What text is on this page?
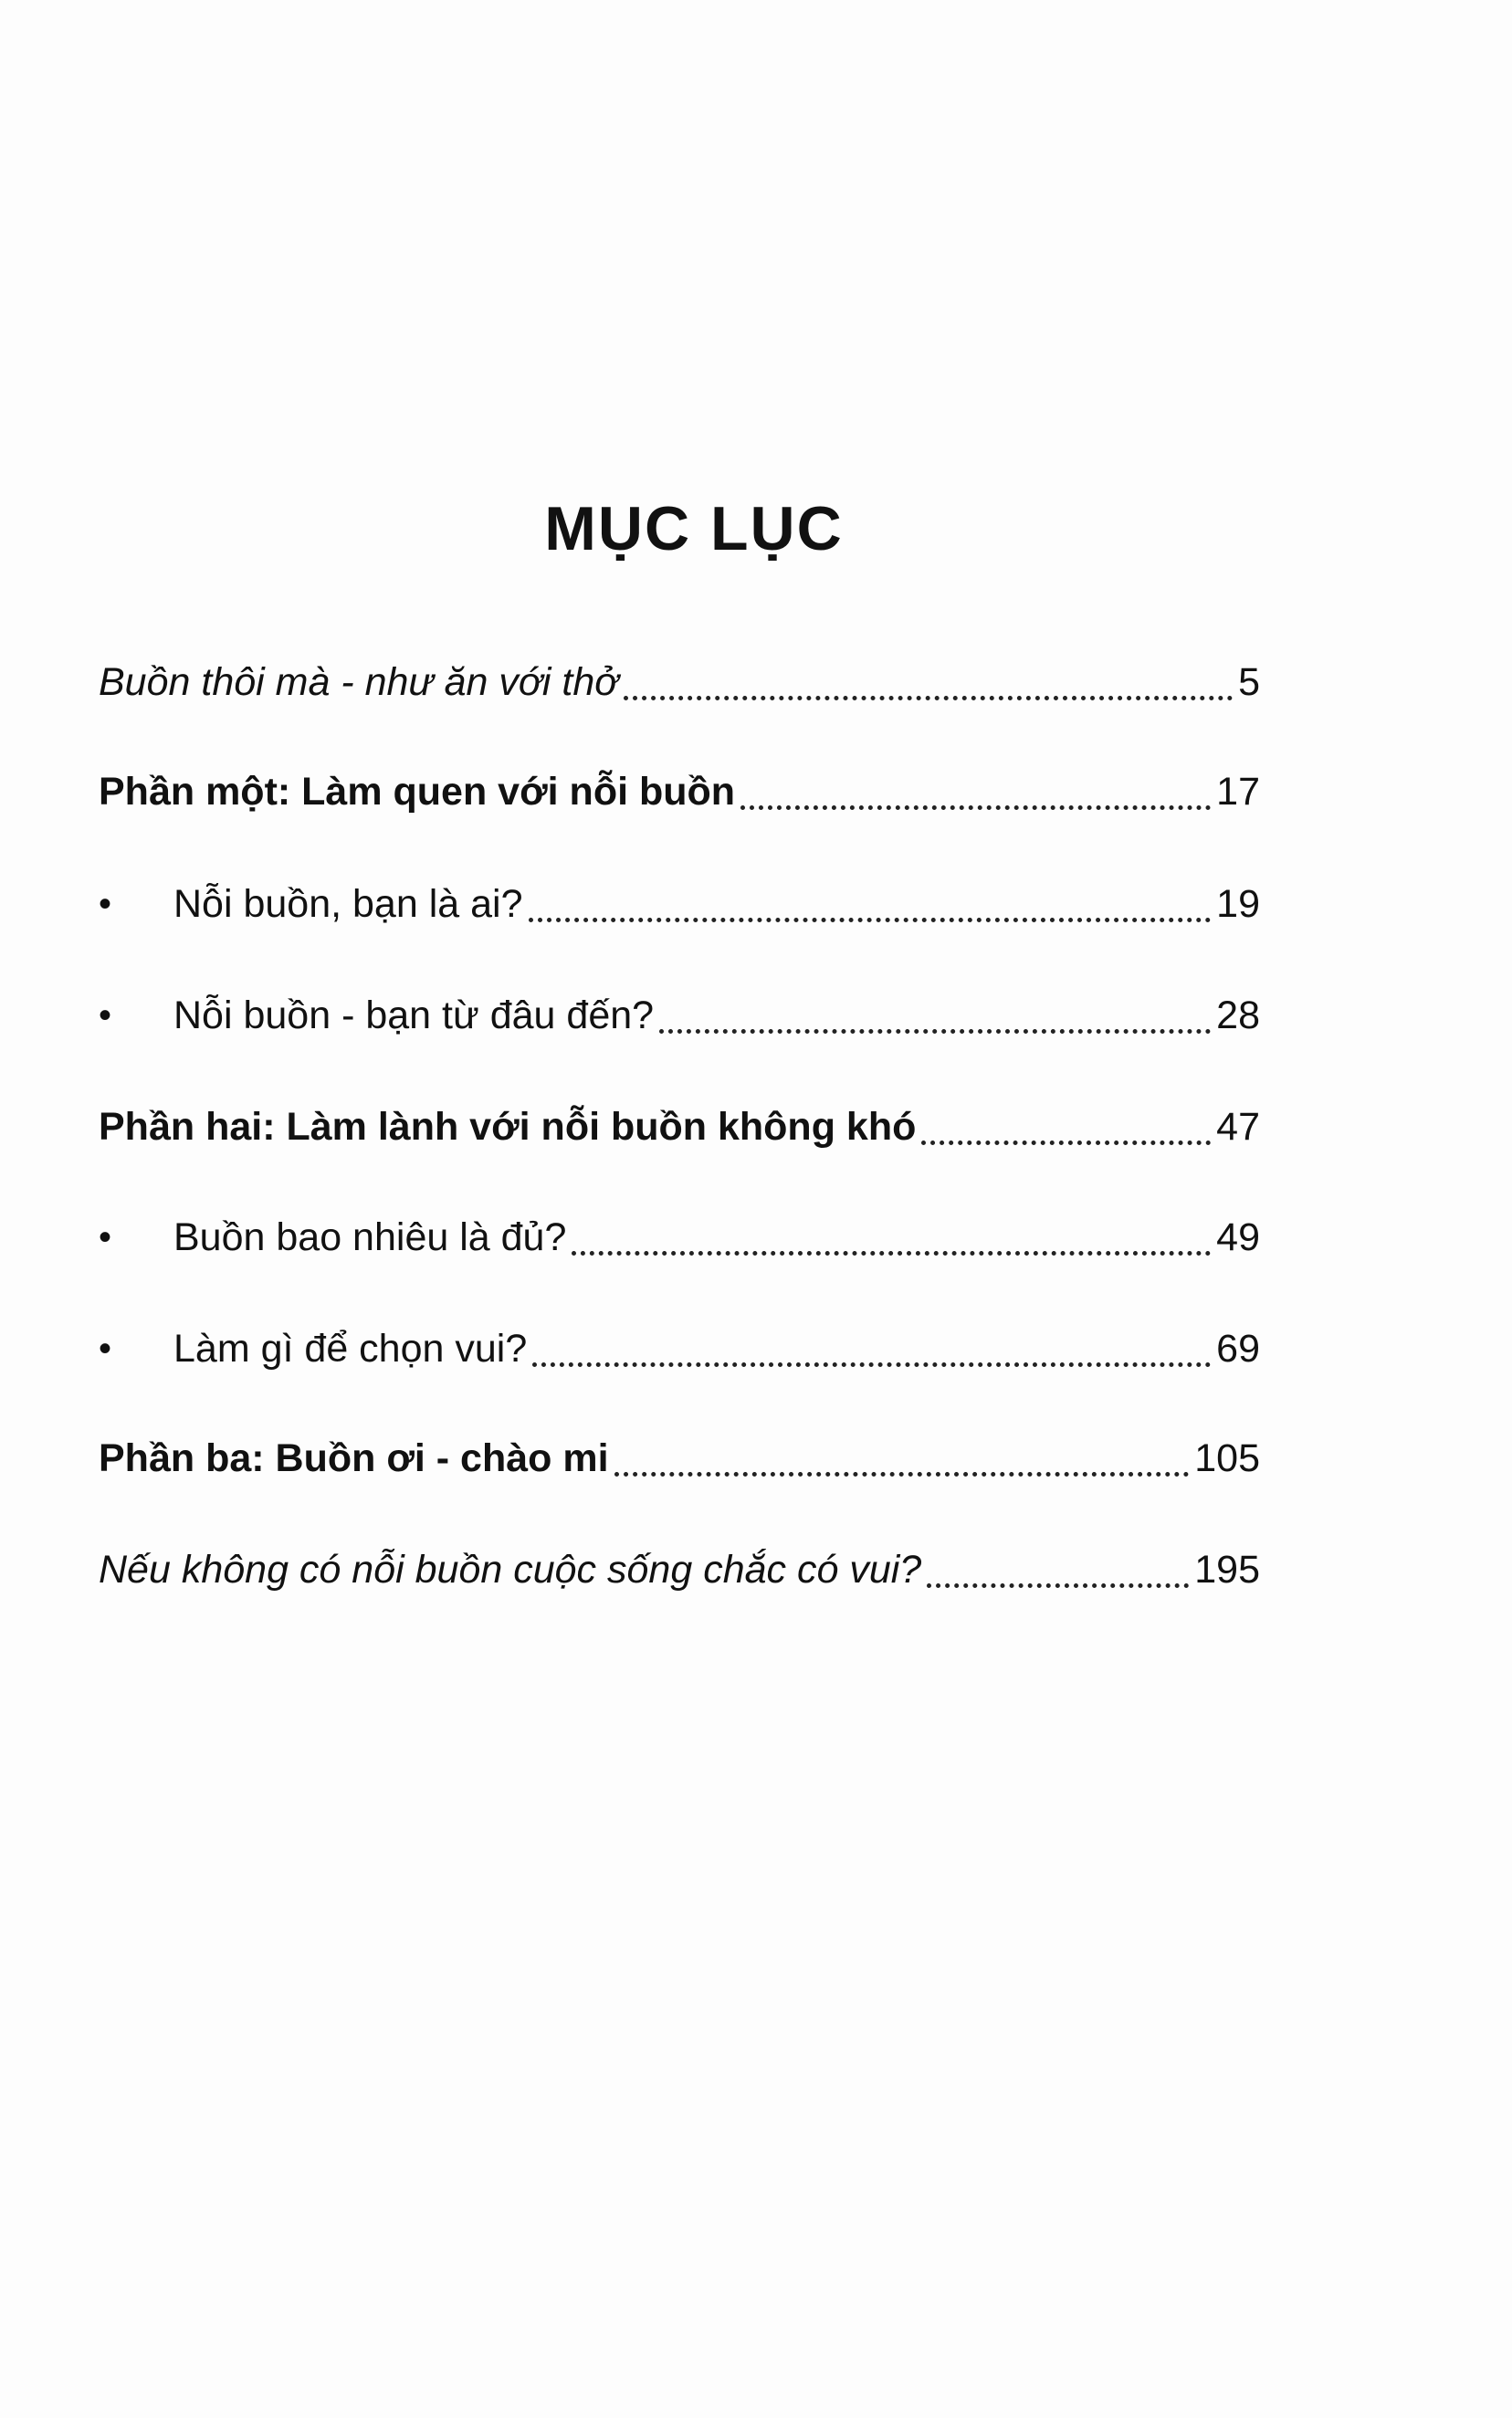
MỤC LỤC
Buồn thôi mà - như ăn với thở	5
Phần một: Làm quen với nỗi buồn	17
•	Nỗi buồn, bạn là ai?	19
•	Nỗi buồn - bạn từ đâu đến?	28
Phần hai: Làm lành với nỗi buồn không khó	47
•	Buồn bao nhiêu là đủ?	49
•	Làm gì để chọn vui?	69
Phần ba: Buồn ơi - chào mi	105
Nếu không có nỗi buồn cuộc sống chắc có vui?	195
